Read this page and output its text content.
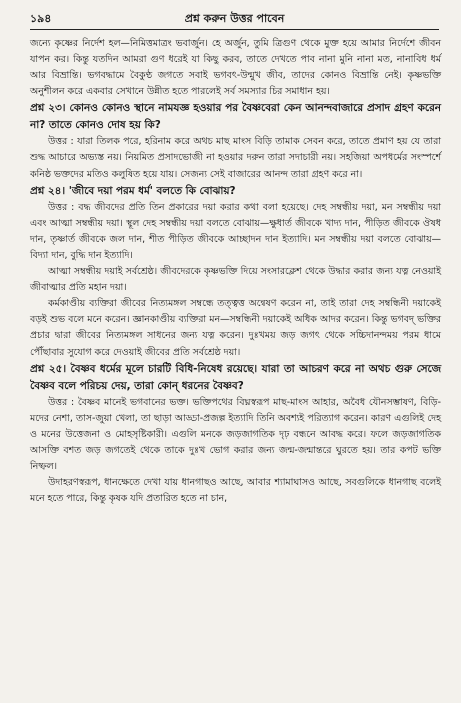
১৯৪	প্রশ্ন করুন উত্তর পাবেন

জন্যে কৃষ্ণের নির্দেশ হল—নিমিত্তমাত্রং ভবার্জুন। হে অর্জুন, তুমি ত্রিগুণ থেকে মুক্ত হয়ে আমার নির্দেশে জীবন যাপন কর। কিন্তু যতদিন আমরা গুণ ধরেই যা কিছু করব, তাতে দেখতে পাব নানা মুনি নানা মত, নানাবিধ ধর্ম আর বিভ্রান্তি। ভগবদ্ধামে বৈকুণ্ঠ জগতে সবাই ভগবৎ-উন্মুখ জীব, তাদের কোনও বিভ্রান্তি নেই। কৃষ্ণভক্তি অনুশীলন করে একবার সেখানে উন্নীত হতে পারলেই সর্ব সমস্যার চির সমাধান হয়।

প্রশ্ন ২৩। কোনও কোনও স্থানে নামযজ্ঞ হওয়ার পর বৈষ্ণবেরা কেন আনন্দবাজারে প্রসাদ গ্রহণ করেন না? তাতে কোনও দোষ হয় কি?

উত্তর : যারা তিলক পরে, হরিনাম করে অথচ মাছ মাংস বিড়ি তামাক সেবন করে, তাতে প্রমাণ হয় যে তারা শুদ্ধ আচারে অভ্যস্ত নয়। নিয়মিত প্রসাদভোজী না হওয়ার দরুন তারা সদাচারী নয়। সহজিয়া অপধর্মের সংস্পর্শে কনিষ্ঠ ভক্তদের মতিও কলুষিত হয়ে যায়। সেজন্য সেই বাজারের আনন্দ তারা গ্রহণ করে না।

প্রশ্ন ২৪। 'জীবে দয়া পরম ধর্ম' বলতে কি বোঝায়?

উত্তর : বদ্ধ জীবদের প্রতি তিন প্রকারের দয়া করার কথা বলা হয়েছে। দেহ সম্বন্ধীয় দয়া, মন সম্বন্ধীয় দয়া এবং আত্মা সম্বন্ধীয় দয়া। স্থূল দেহ সম্বন্ধীয় দয়া বলতে বোঝায়—ক্ষুধার্ত জীবকে খাদ্য দান, পীড়িত জীবকে ঔষধ দান, তৃষ্ণার্ত জীবকে জল দান, শীত পীড়িত জীবকে আচ্ছাদন দান ইত্যাদি। মন সম্বন্ধীয় দয়া বলতে বোঝায়—বিদ্যা দান, বুদ্ধি দান ইত্যাদি।

আত্মা সম্বন্ধীয় দয়াই সর্বশ্রেষ্ঠ। জীবদেরকে কৃষ্ণভক্তি দিয়ে সংসারক্লেশ থেকে উদ্ধার করার জন্য যত্ন নেওয়াই জীবাত্মার প্রতি মহান দয়া।

কর্মকাণ্ডীয় ব্যক্তিরা জীবের নিত্যমঙ্গল সম্বন্ধে তত্ত্বত্ত অন্বেষণ করেন না, তাই তারা দেহ সম্বন্ধিনী দয়াকেই বড়ই শুভ বলে মনে করেন। জ্ঞানকাণ্ডীয় ব্যক্তিরা মন—সম্বন্ধিনী দয়াকেই অধিক আদর করেন। কিন্তু ভগবদ্ ভক্তির প্রচার দ্বারা জীবের নিত্যমঙ্গল সাধনের জন্য যত্ন করেন। দুঃখময় জড় জগৎ থেকে সচ্চিদানন্দময় পরম ধামে পৌঁছাবার সুযোগ করে দেওয়াই জীবের প্রতি সর্বশ্রেষ্ঠ দয়া।

প্রশ্ন ২৫। বৈষ্ণব ধর্মের মূলে চারটি বিধি-নিষেধ রয়েছে। যারা তা আচরণ করে না অথচ গুরু সেজে বৈষ্ণব বলে পরিচয় দেয়, তারা কোন্ ধরনের বৈষ্ণব?

উত্তর : বৈষ্ণব মানেই ভগবানের ভক্ত। ভক্তিপথের বিঘ্নস্বরূপ মাছ-মাংস আহার, অবৈধ যৌনসম্ভাষণ, বিড়ি-মদের নেশা, তাস-জুয়া খেলা, তা ছাড়া আড্ডা-প্রজল্প ইত্যাদি তিনি অবশ্যই পরিত্যাগ করেন। কারণ এগুলিই দেহ ও মনের উত্তেজনা ও মোহসৃষ্টিকারী। এগুলি মনকে জড়জাগতিক দৃঢ় বন্ধনে আবদ্ধ করে। ফলে জড়জাগতিক আসক্তি বশত জড় জগতেই থেকে তাকে দুঃখ ভোগ করার জন্য জন্ম-জন্মান্তরে ঘুরতে হয়। তার কপট ভক্তি নিষ্ফল।

উদাহরণস্বরূপ, ধানক্ষেতে দেখা যায় ধানগাছও আছে, আবার শ্যামাঘাসও আছে, সবগুলিকে ধানগাছ বলেই মনে হতে পারে, কিন্তু কৃষক যদি প্রতারিত হতে না চান,
